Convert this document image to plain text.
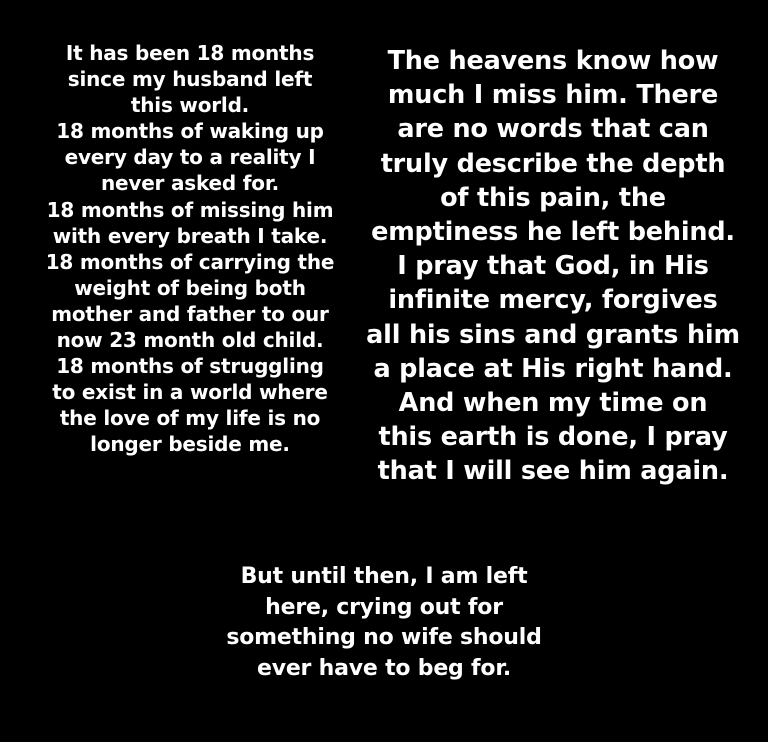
It has been 18 months
since my husband left
this world.
18 months of waking up
every day to a reality I
never asked for.
18 months of missing him
with every breath I take.
18 months of carrying the
weight of being both
mother and father to our
now 23 month old child.
18 months of struggling
to exist in a world where
the love of my life is no
longer beside me.

The heavens know how
much I miss him. There
are no words that can
truly describe the depth
of this pain, the
emptiness he left behind.
I pray that God, in His
infinite mercy, forgives
all his sins and grants him
a place at His right hand.
And when my time on
this earth is done, I pray
that I will see him again.

But until then, I am left
here, crying out for
something no wife should
ever have to beg for.
